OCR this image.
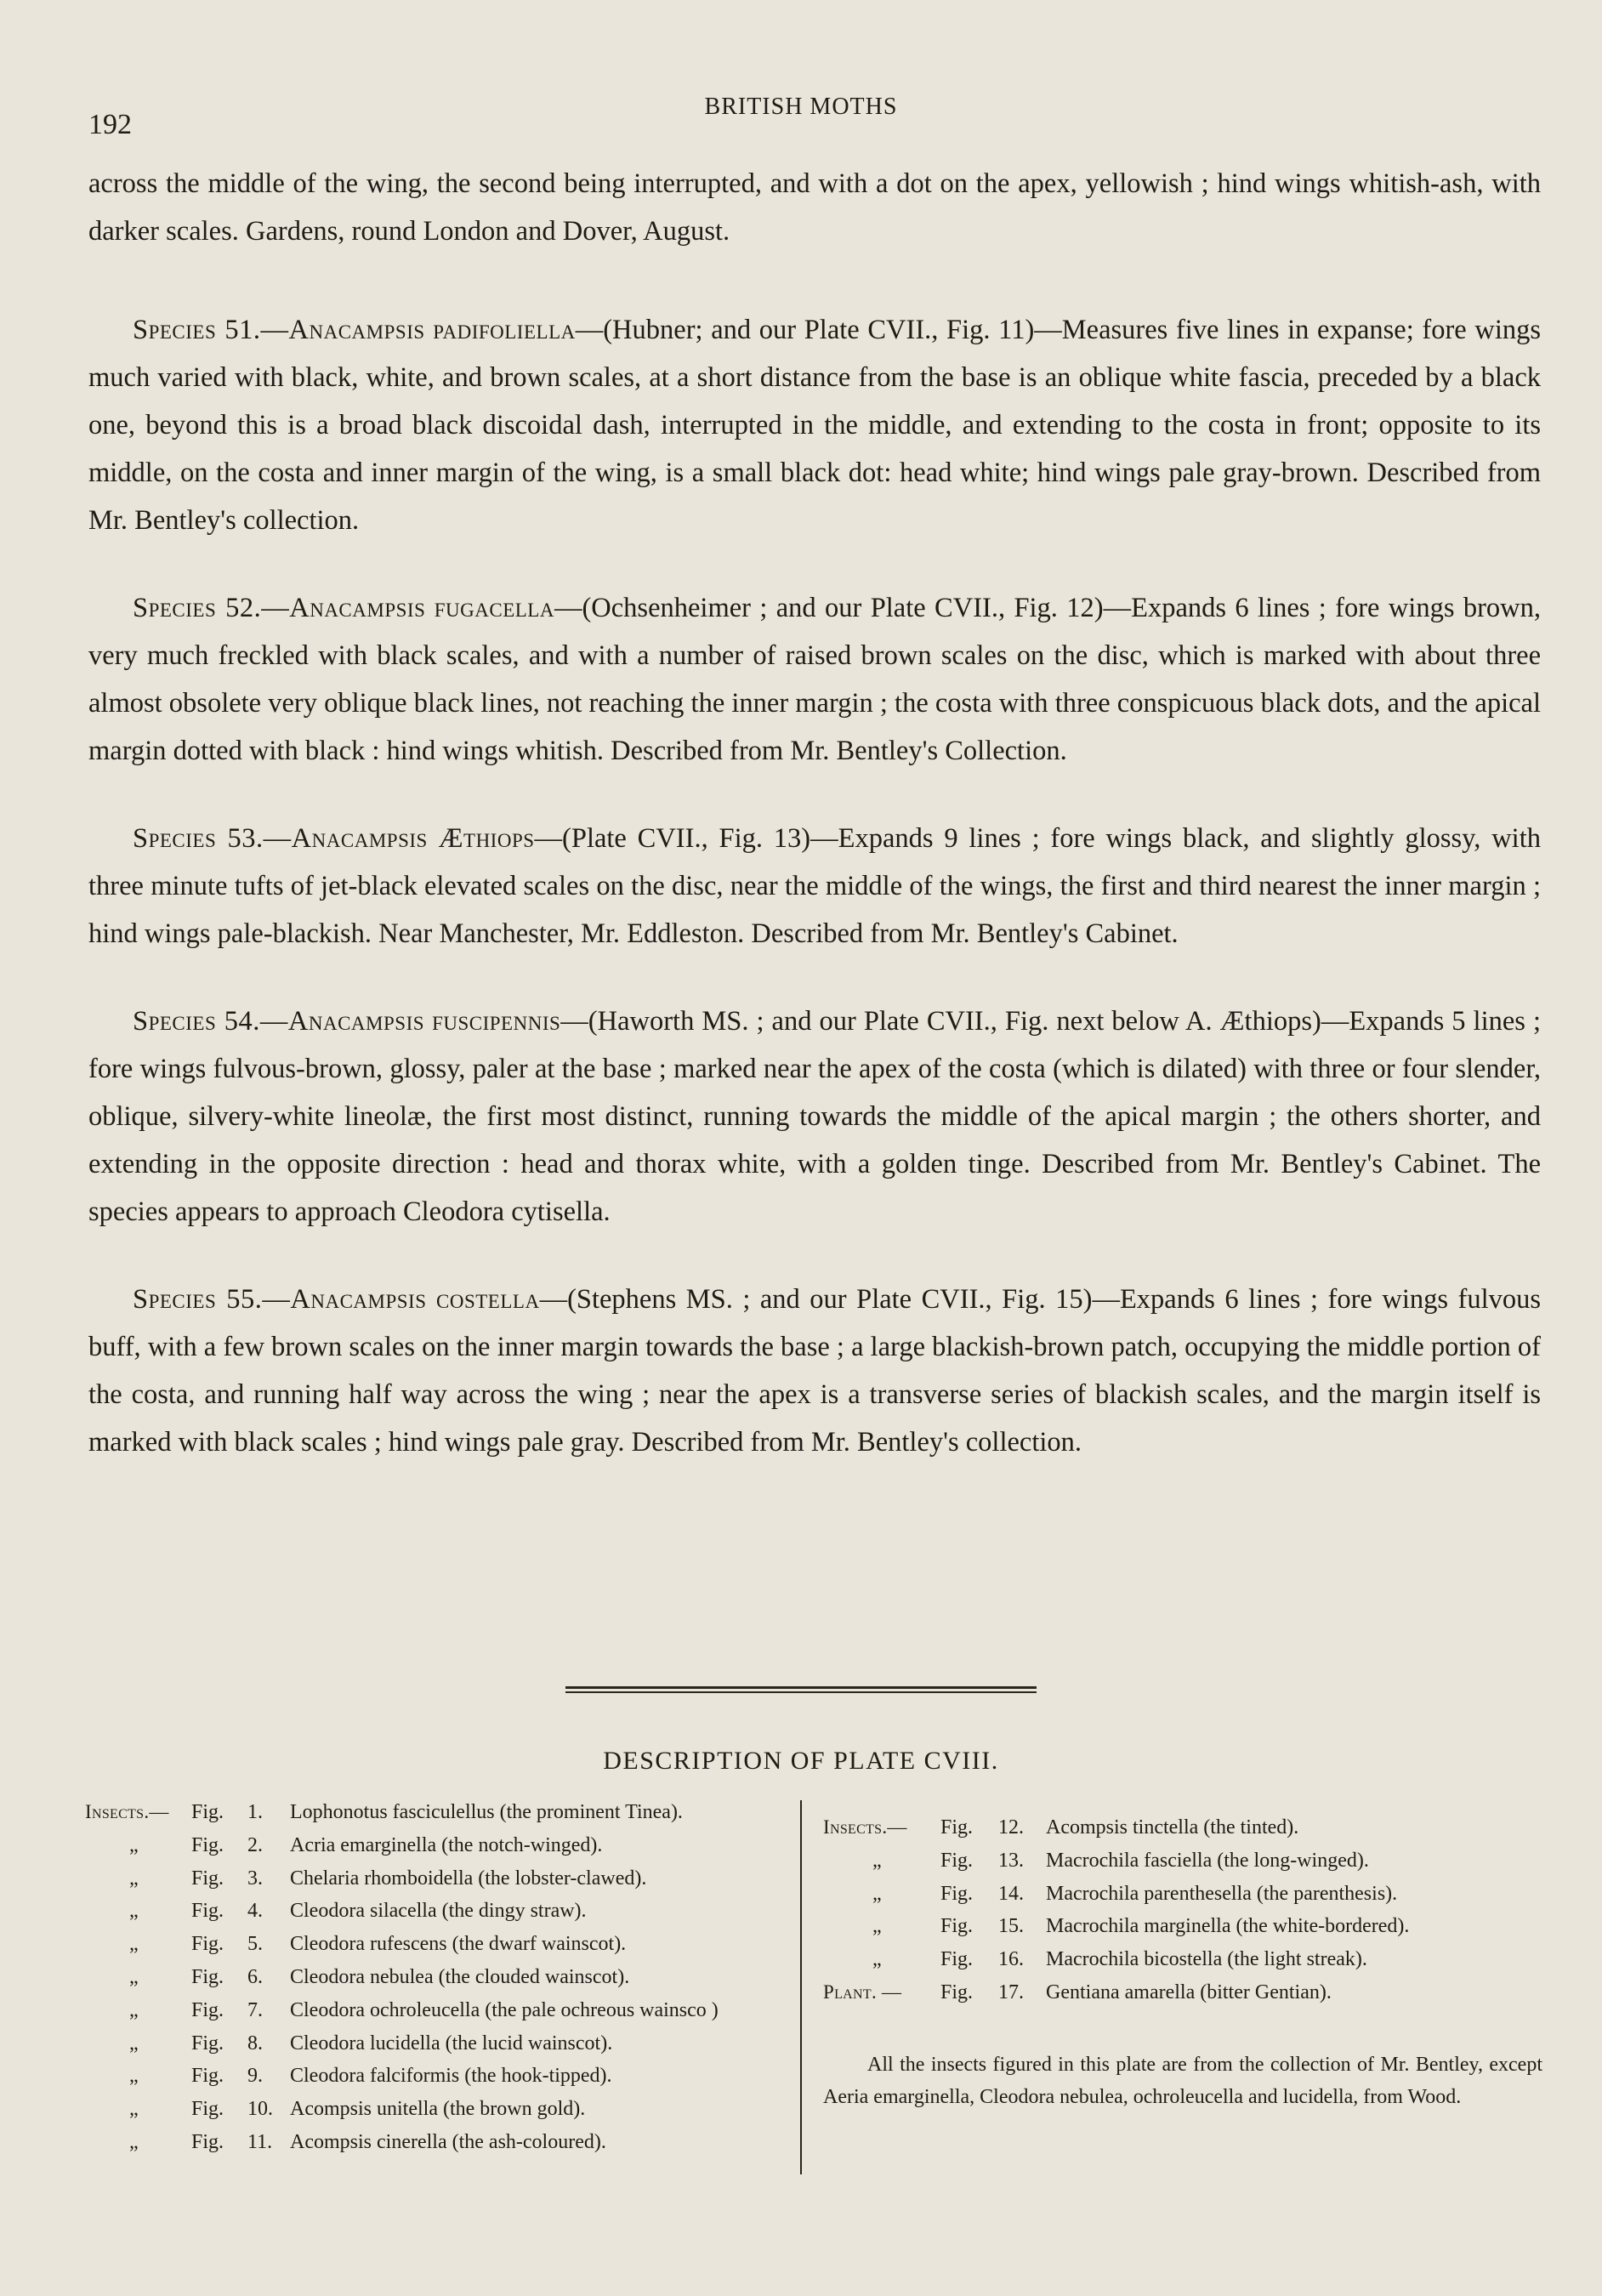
192
BRITISH MOTHS

across the middle of the wing, the second being interrupted, and with a dot on the apex, yellowish ; hind wings whitish-ash, with darker scales. Gardens, round London and Dover, August.

Species 51.—Anacampsis padifoliella—(Hubner; and our Plate CVII., Fig. 11)—Measures five lines in expanse; fore wings much varied with black, white, and brown scales, at a short distance from the base is an oblique white fascia, preceded by a black one, beyond this is a broad black discoidal dash, interrupted in the middle, and extending to the costa in front; opposite to its middle, on the costa and inner margin of the wing, is a small black dot: head white; hind wings pale gray-brown. Described from Mr. Bentley's collection.

Species 52.—Anacampsis fugacella—(Ochsenheimer ; and our Plate CVII., Fig. 12)—Expands 6 lines ; fore wings brown, very much freckled with black scales, and with a number of raised brown scales on the disc, which is marked with about three almost obsolete very oblique black lines, not reaching the inner margin ; the costa with three conspicuous black dots, and the apical margin dotted with black : hind wings whitish. Described from Mr. Bentley's Collection.

Species 53.—Anacampsis Æthiops—(Plate CVII., Fig. 13)—Expands 9 lines ; fore wings black, and slightly glossy, with three minute tufts of jet-black elevated scales on the disc, near the middle of the wings, the first and third nearest the inner margin ; hind wings pale-blackish. Near Manchester, Mr. Eddleston. Described from Mr. Bentley's Cabinet.

Species 54.—Anacampsis fuscipennis—(Haworth MS. ; and our Plate CVII., Fig. next below A. Æthiops)—Expands 5 lines ; fore wings fulvous-brown, glossy, paler at the base ; marked near the apex of the costa (which is dilated) with three or four slender, oblique, silvery-white lineolæ, the first most distinct, running towards the middle of the apical margin ; the others shorter, and extending in the opposite direction : head and thorax white, with a golden tinge. Described from Mr. Bentley's Cabinet. The species appears to approach Cleodora cytisella.

Species 55.—Anacampsis costella—(Stephens MS. ; and our Plate CVII., Fig. 15)—Expands 6 lines ; fore wings fulvous buff, with a few brown scales on the inner margin towards the base ; a large blackish-brown patch, occupying the middle portion of the costa, and running half way across the wing ; near the apex is a transverse series of blackish scales, and the margin itself is marked with black scales ; hind wings pale gray. Described from Mr. Bentley's collection.

DESCRIPTION OF PLATE CVIII.
Insects.—	Fig.	1.	Lophonotus fasciculellus (the prominent Tinea).
„	Fig.	2.	Acria emarginella (the notch-winged).
„	Fig.	3.	Chelaria rhomboidella (the lobster-clawed).
„	Fig.	4.	Cleodora silacella (the dingy straw).
„	Fig.	5.	Cleodora rufescens (the dwarf wainscot).
„	Fig.	6.	Cleodora nebulea (the clouded wainscot).
„	Fig.	7.	Cleodora ochroleucella (the pale ochreous wainsco )
„	Fig.	8.	Cleodora lucidella (the lucid wainscot).
„	Fig.	9.	Cleodora falciformis (the hook-tipped).
„	Fig.	10. Acompsis unitella (the brown gold).
„	Fig.	11. Acompsis cinerella (the ash-coloured).
Insects.—	Fig.	12.	Acompsis tinctella (the tinted).
„	Fig.	13.	Macrochila fasciella (the long-winged).
„	Fig.	14.	Macrochila parenthesella (the parenthesis).
„	Fig.	15.	Macrochila marginella (the white-bordered).
„	Fig.	16.	Macrochila bicostella (the light streak).
Plant. —	Fig.	17.	Gentiana amarella (bitter Gentian).

All the insects figured in this plate are from the collection of Mr. Bentley, except Aeria emarginella, Cleodora nebulea, ochroleucella and lucidella, from Wood.
